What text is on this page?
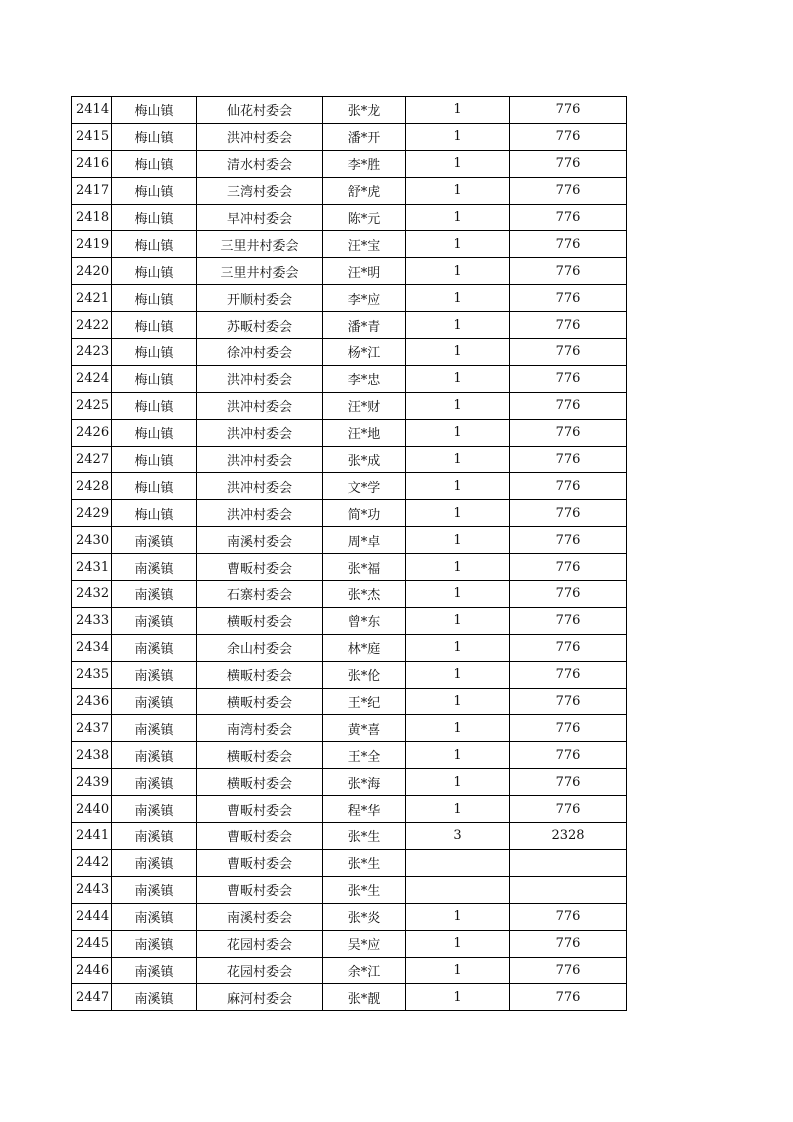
2414	梅山镇	仙花村委会	张*龙	1	776
2415	梅山镇	洪冲村委会	潘*开	1	776
2416	梅山镇	清水村委会	李*胜	1	776
2417	梅山镇	三湾村委会	舒*虎	1	776
2418	梅山镇	早冲村委会	陈*元	1	776
2419	梅山镇	三里井村委会	汪*宝	1	776
2420	梅山镇	三里井村委会	汪*明	1	776
2421	梅山镇	开顺村委会	李*应	1	776
2422	梅山镇	苏畈村委会	潘*青	1	776
2423	梅山镇	徐冲村委会	杨*江	1	776
2424	梅山镇	洪冲村委会	李*忠	1	776
2425	梅山镇	洪冲村委会	汪*财	1	776
2426	梅山镇	洪冲村委会	汪*地	1	776
2427	梅山镇	洪冲村委会	张*成	1	776
2428	梅山镇	洪冲村委会	文*学	1	776
2429	梅山镇	洪冲村委会	简*功	1	776
2430	南溪镇	南溪村委会	周*卓	1	776
2431	南溪镇	曹畈村委会	张*福	1	776
2432	南溪镇	石寨村委会	张*杰	1	776
2433	南溪镇	横畈村委会	曾*东	1	776
2434	南溪镇	余山村委会	林*庭	1	776
2435	南溪镇	横畈村委会	张*伦	1	776
2436	南溪镇	横畈村委会	王*纪	1	776
2437	南溪镇	南湾村委会	黄*喜	1	776
2438	南溪镇	横畈村委会	王*全	1	776
2439	南溪镇	横畈村委会	张*海	1	776
2440	南溪镇	曹畈村委会	程*华	1	776
2441	南溪镇	曹畈村委会	张*生	3	2328
2442	南溪镇	曹畈村委会	张*生		
2443	南溪镇	曹畈村委会	张*生		
2444	南溪镇	南溪村委会	张*炎	1	776
2445	南溪镇	花园村委会	吴*应	1	776
2446	南溪镇	花园村委会	余*江	1	776
2447	南溪镇	麻河村委会	张*靓	1	776
